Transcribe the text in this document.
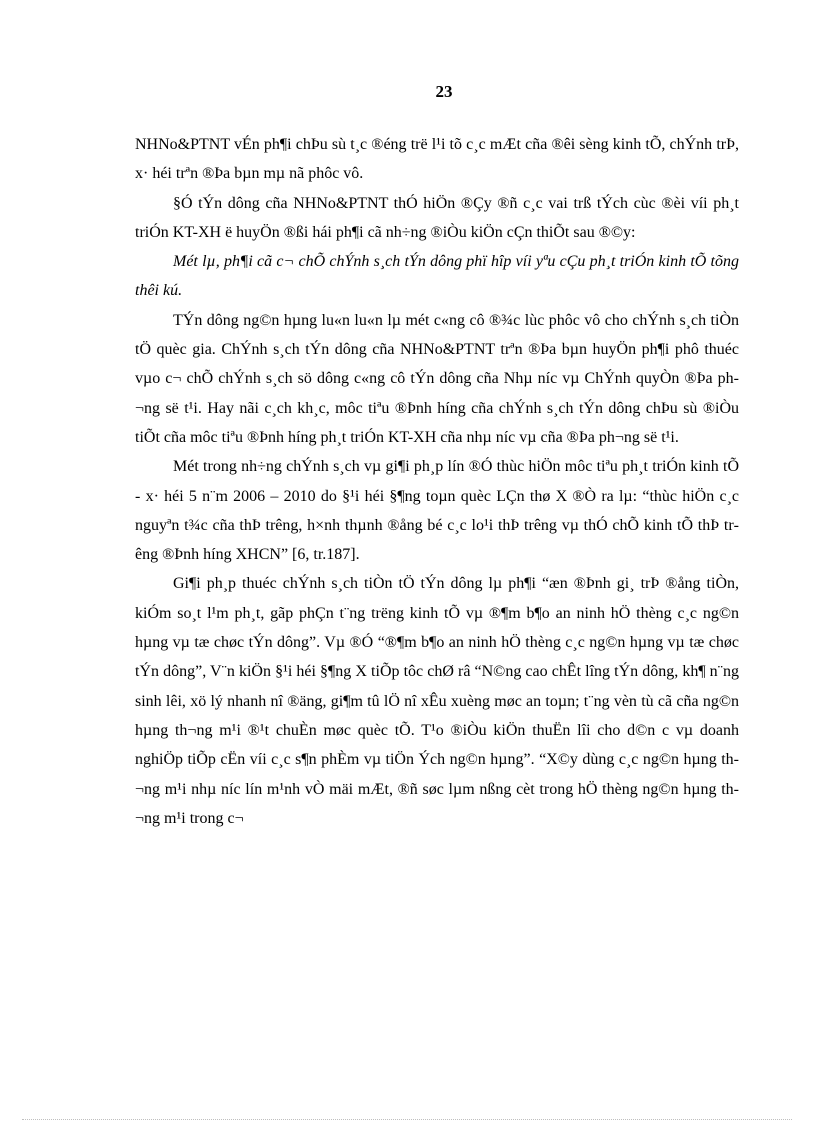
23

NHNo&PTNT vÉn ph¶i chÞu sù t¸c ®éng trë l¹i tõ c¸c mÆt cña ®êi sèng kinh tÕ, chÝnh trÞ, x· héi trªn ®Þa bµn mµ nã phôc vô.

§Ó tÝn dông cña NHNo&PTNT thÓ hiÖn ®Çy ®ñ c¸c vai trß tÝch cùc ®èi víi ph¸t triÓn KT-XH ë huyÖn ®ßi hái ph¶i cã nh÷ng ®iÒu kiÖn cÇn thiÕt sau ®©y:

Mét lµ, ph¶i cã c¬ chÕ chÝnh s¸ch tÝn dông phï hîp víi yªu cÇu ph¸t triÓn kinh tÕ tõng thêi kú.

TÝn dông ng©n hµng lu«n lu«n lµ mét c«ng cô ®¾c lùc phôc vô cho chÝnh s¸ch tiÒn tÖ quèc gia. ChÝnh s¸ch tÝn dông cña NHNo&PTNT trªn ®Þa bµn huyÖn ph¶i phô thuéc vµo c¬ chÕ chÝnh s¸ch sö dông c«ng cô tÝn dông cña Nhµ níc vµ ChÝnh quyÒn ®Þa ph¬ng së t¹i. Hay nãi c¸ch kh¸c, môc tiªu ®Þnh híng cña chÝnh s¸ch tÝn dông chÞu sù ®iÒu tiÕt cña môc tiªu ®Þnh híng ph¸t triÓn KT-XH cña nhµ níc vµ cña ®Þa ph¬ng së t¹i.

Mét trong nh÷ng chÝnh s¸ch vµ gi¶i ph¸p lín ®Ó thùc hiÖn môc tiªu ph¸t triÓn kinh tÕ - x· héi 5 n¨m 2006 – 2010 do §¹i héi §¶ng toµn quèc LÇn thø X ®Ò ra lµ: “thùc hiÖn c¸c nguyªn t¾c cña thÞ trêng, h×nh thµnh ®ång bé c¸c lo¹i thÞ trêng vµ thÓ chÕ kinh tÕ thÞ trêng ®Þnh híng XHCN” [6, tr.187].

Gi¶i ph¸p thuéc chÝnh s¸ch tiÒn tÖ tÝn dông lµ ph¶i “æn ®Þnh gi¸ trÞ ®ång tiÒn, kiÓm so¸t l¹m ph¸t, gãp phÇn t¨ng trëng kinh tÕ vµ ®¶m b¶o an ninh hÖ thèng c¸c ng©n hµng vµ tæ chøc tÝn dông”. Vµ ®Ó “®¶m b¶o an ninh hÖ thèng c¸c ng©n hµng vµ tæ chøc tÝn dông”, V¨n kiÖn §¹i héi §¶ng X tiÕp tôc chØ râ “N©ng cao chÊt lîng tÝn dông, kh¶ n¨ng sinh lêi, xö lý nhanh nî ®äng, gi¶m tû lÖ nî xÊu xuèng møc an toµn; t¨ng vèn tù cã cña ng©n hµng th¬ng m¹i ®¹t chuÈn møc quèc tÕ. T¹o ®iÒu kiÖn thuËn lîi cho d©n c vµ doanh nghiÖp tiÕp cËn víi c¸c s¶n phÈm vµ tiÖn Ých ng©n hµng”. “X©y dùng c¸c ng©n hµng th¬ng m¹i nhµ níc lín m¹nh vÒ mäi mÆt, ®ñ søc lµm nßng cèt trong hÖ thèng ng©n hµng th¬ng m¹i trong c¬
